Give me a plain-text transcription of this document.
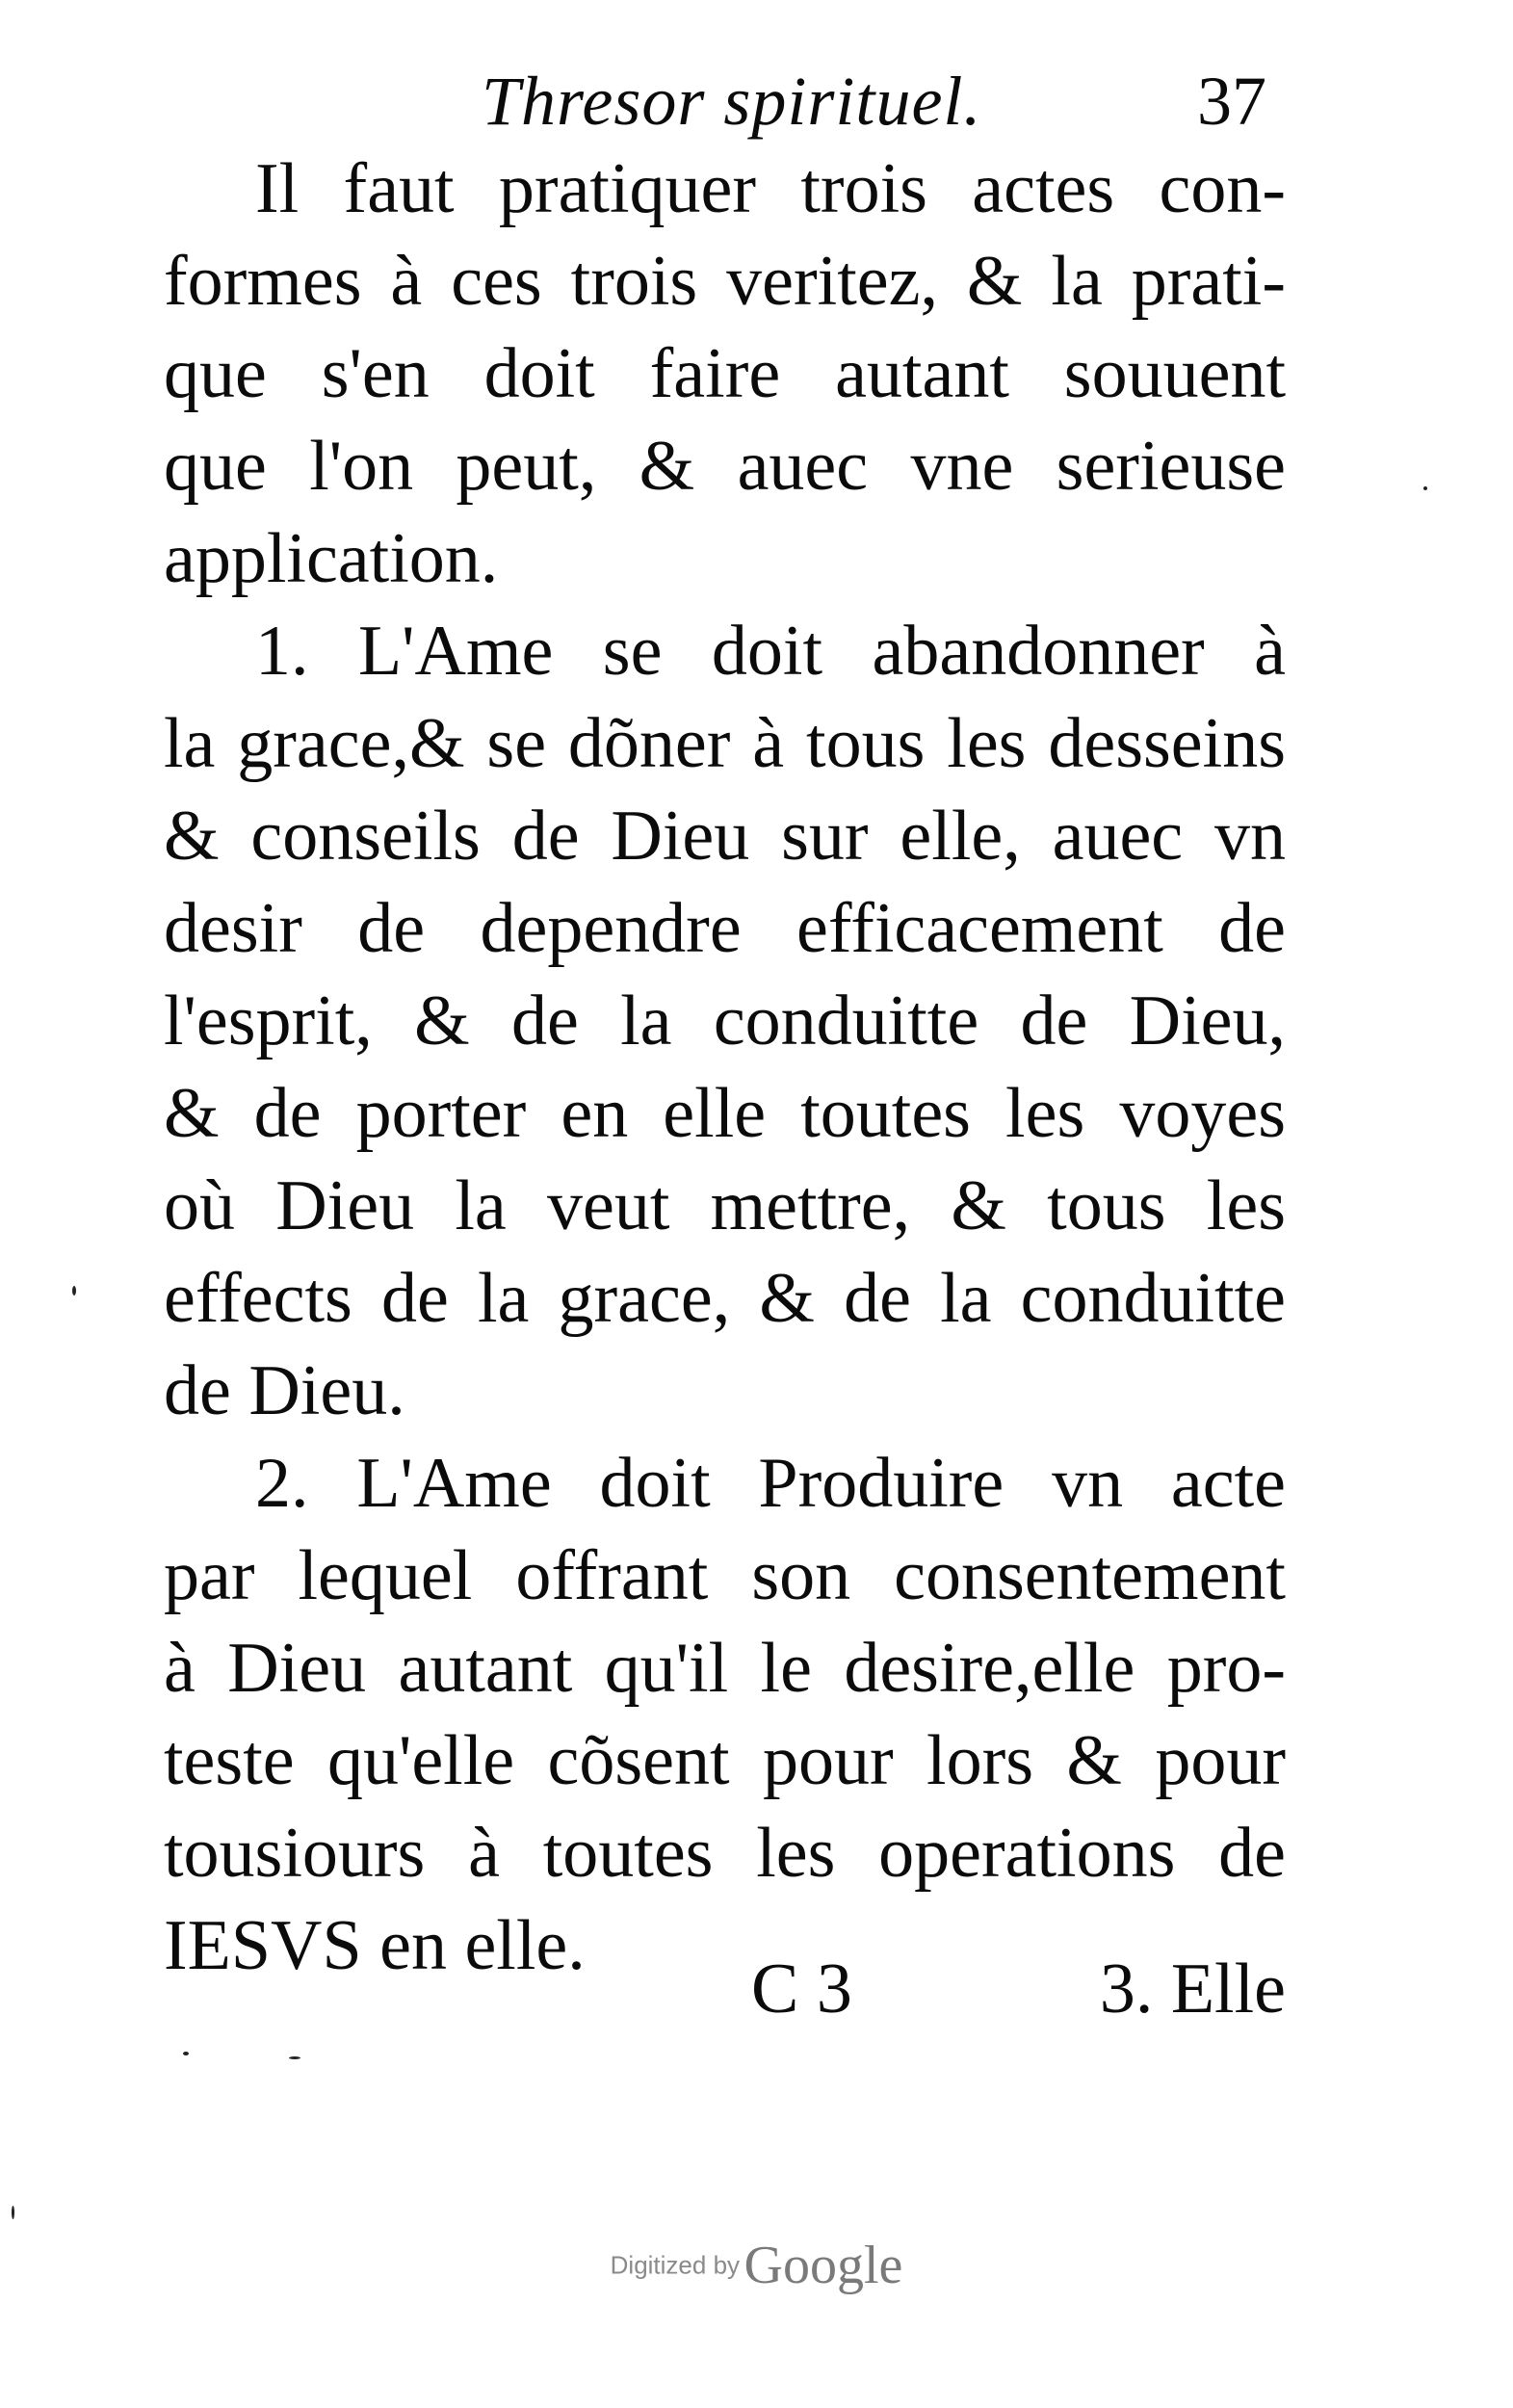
Thresor spirituel.	37
Il faut pratiquer trois actes con-
formes à ces trois veritez, & la prati-
que s'en doit faire autant souuent
que l'on peut, & auec vne serieuse
application.
1. L'Ame se doit abandonner à
la grace,& se dõner à tous les desseins
& conseils de Dieu sur elle, auec vn
desir de dependre efficacement de
l'esprit, & de la conduitte de Dieu,
& de porter en elle toutes les voyes
où Dieu la veut mettre, & tous les
effects de la grace, & de la conduitte
de Dieu.
2. L'Ame doit Produire vn acte
par lequel offrant son consentement
à Dieu autant qu'il le desire,elle pro-
teste qu'elle cõsent pour lors & pour
tousiours à toutes les operations de
IESVS en elle.
C 3	3. Elle
Digitized by Google
